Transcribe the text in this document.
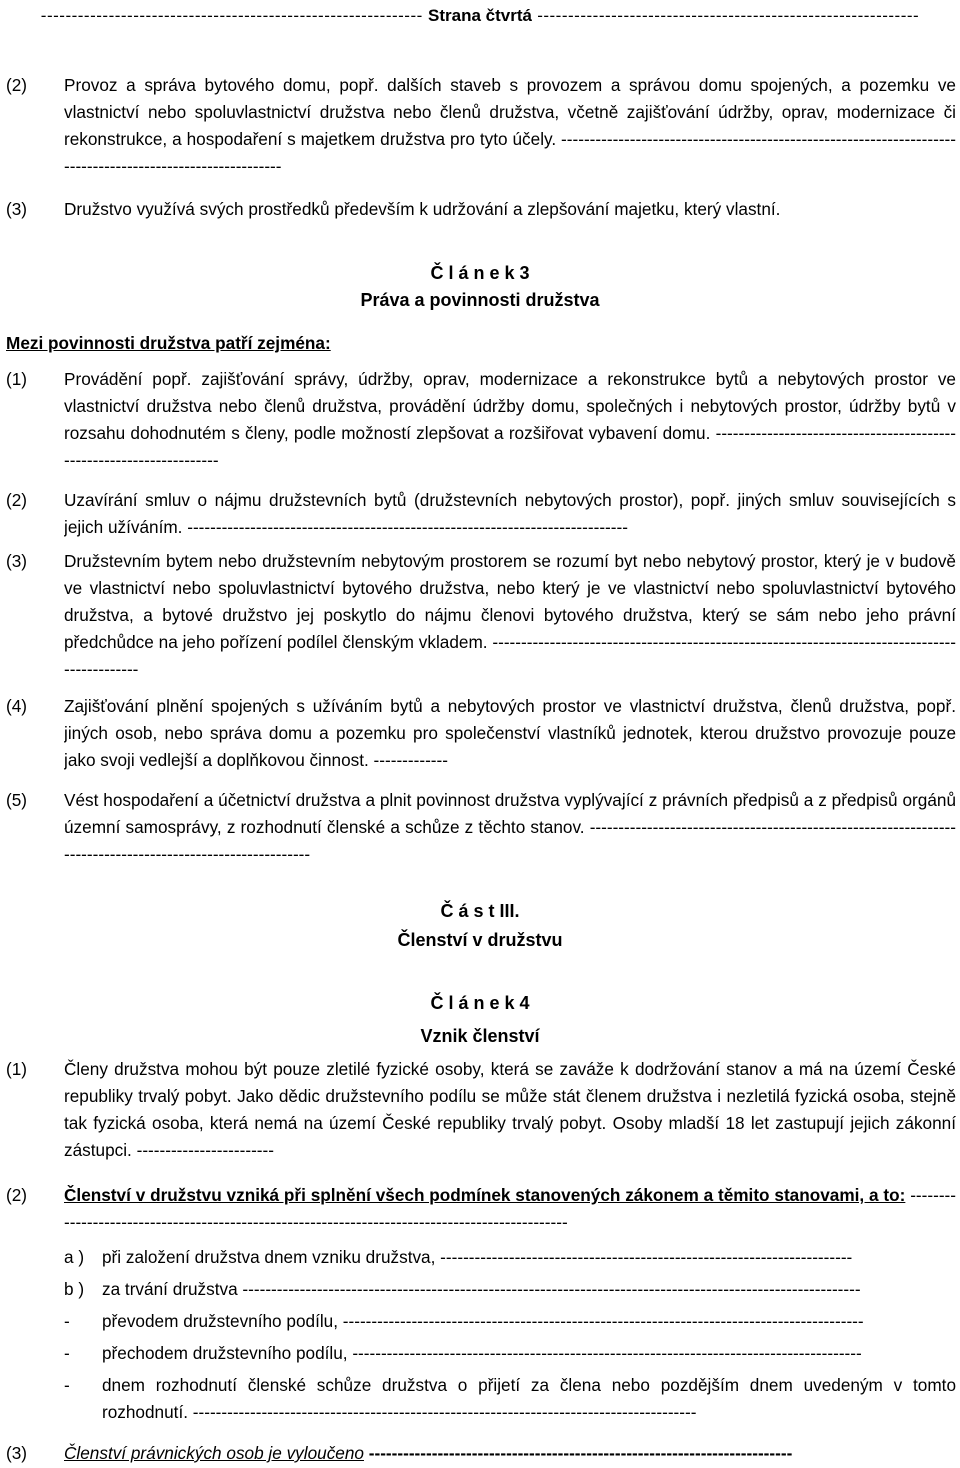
-------------------------------------------------------------- Strana čtvrtá --------------------------------------------------------------
(2)	Provoz a správa bytového domu, popř. dalších staveb s provozem a správou domu spojených, a pozemku ve vlastnictví nebo spoluvlastnictví družstva nebo členů družstva, včetně zajišťování údržby, oprav, modernizace či rekonstrukce, a hospodaření s majetkem družstva pro tyto účely. -----------------------------------------------------------------------------------------------------------
(3)	Družstvo využívá svých prostředků především k udržování a zlepšování majetku, který vlastní.
Č l á n e k 3
Práva a povinnosti družstva
Mezi povinnosti družstva patří zejména:
(1)	Provádění popř. zajišťování správy, údržby, oprav, modernizace a rekonstrukce bytů a nebytových prostor ve vlastnictví družstva nebo členů družstva, provádění údržby domu, společných i nebytových prostor, údržby bytů v rozsahu dohodnutém s členy, podle možností zlepšovat a rozšiřovat vybavení domu. ---------------------------------------------------------------------
(2)	Uzavírání smluv o nájmu družstevních bytů (družstevních nebytových prostor), popř. jiných smluv souvisejících s jejich užíváním. -----------------------------------------------------------------------------
(3)	Družstevním bytem nebo družstevním nebytovým prostorem se rozumí byt nebo nebytový prostor, který je v budově ve vlastnictví nebo spoluvlastnictví bytového družstva, nebo který je ve vlastnictví nebo spoluvlastnictví bytového družstva, a bytové družstvo jej poskytlo do nájmu členovi bytového družstva, který se sám nebo jeho právní předchůdce na jeho pořízení podílel členským vkladem. ----------------------------------------------------------------------------------------------
(4)	Zajišťování plnění spojených s užíváním bytů a nebytových prostor ve vlastnictví družstva, členů družstva, popř. jiných osob, nebo správa domu a pozemku pro společenství vlastníků jednotek, kterou družstvo provozuje pouze jako svoji vedlejší a doplňkovou činnost. -------------
(5)	Vést hospodaření a účetnictví družstva a plnit povinnost družstva vyplývající z právních předpisů a z předpisů orgánů územní samosprávy, z rozhodnutí členské a schůze z těchto stanov. -----------------------------------------------------------------------------------------------------------
Č á s t III.
Členství v družstvu
Č l á n e k 4
Vznik členství
(1)	Členy družstva mohou být pouze zletilé fyzické osoby, která se zaváže k dodržování stanov a má na území České republiky trvalý pobyt. Jako dědic družstevního podílu se může stát členem družstva i nezletilá fyzická osoba, stejně tak fyzická osoba, která nemá na území České republiky trvalý pobyt. Osoby mladší 18 let zastupují jejich zákonní zástupci. ------------------------
(2)	Členství v družstvu vzniká při splnění všech podmínek stanovených zákonem a těmito stanovami, a to: ------------------------------------------------------------------------------------------------
a )	při založení družstva dnem vzniku družstva, ------------------------------------------------------------------------
b )	za trvání družstva ------------------------------------------------------------------------------------------------------------
-	převodem družstevního podílu, -------------------------------------------------------------------------------------------
-	přechodem družstevního podílu, -----------------------------------------------------------------------------------------
-	dnem rozhodnutí členské schůze družstva o přijetí za člena nebo pozdějším dnem uvedeným v tomto rozhodnutí. ----------------------------------------------------------------------------------------
(3)	Členství právnických osob je vyloučeno --------------------------------------------------------------------------
